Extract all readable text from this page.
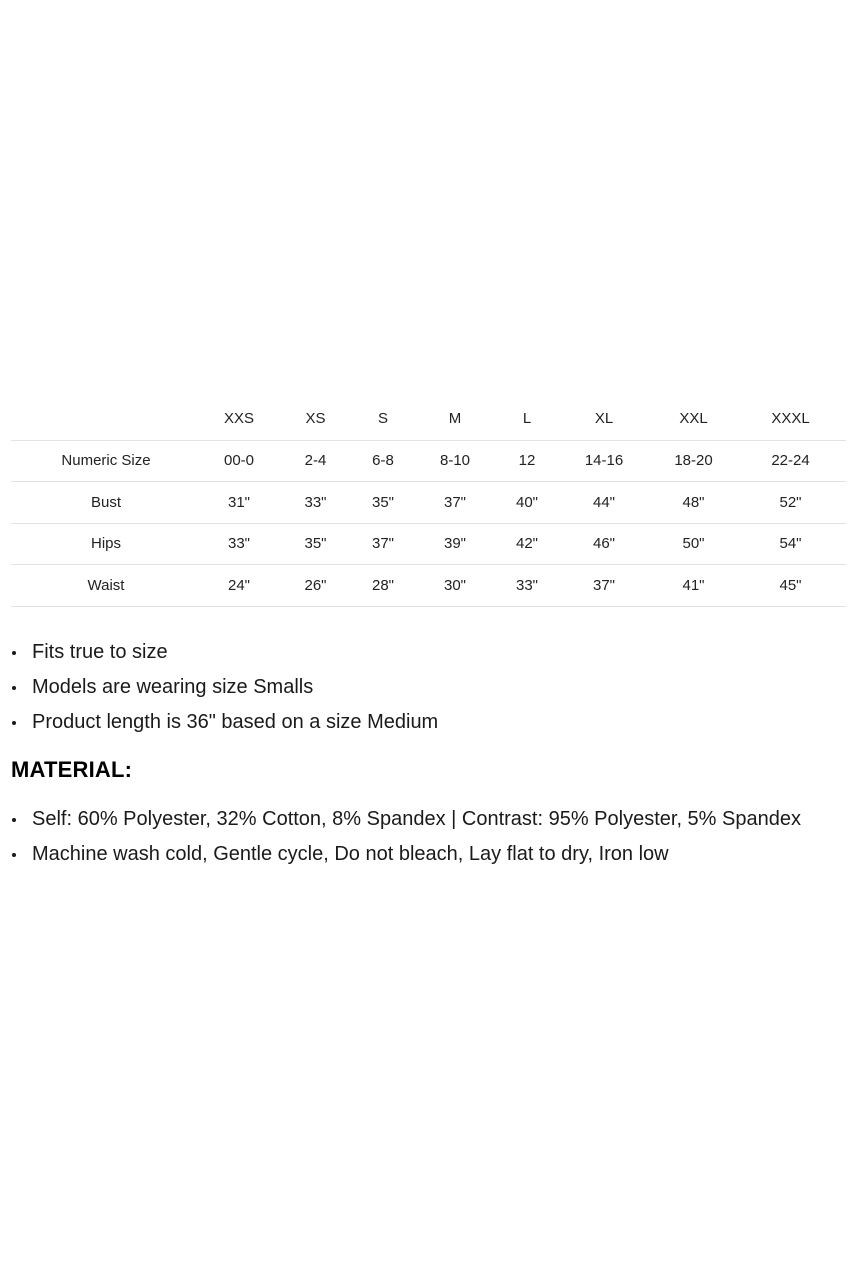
	XXS	XS	S	M	L	XL	XXL	XXXL
Numeric Size	00-0	2-4	6-8	8-10	12	14-16	18-20	22-24
Bust	31"	33"	35"	37"	40"	44"	48"	52"
Hips	33"	35"	37"	39"	42"	46"	50"	54"
Waist	24"	26"	28"	30"	33"	37"	41"	45"
Fits true to size
Models are wearing size Smalls
Product length is 36" based on a size Medium
MATERIAL:
Self: 60% Polyester, 32% Cotton, 8% Spandex | Contrast: 95% Polyester, 5% Spandex
Machine wash cold, Gentle cycle, Do not bleach, Lay flat to dry, Iron low
